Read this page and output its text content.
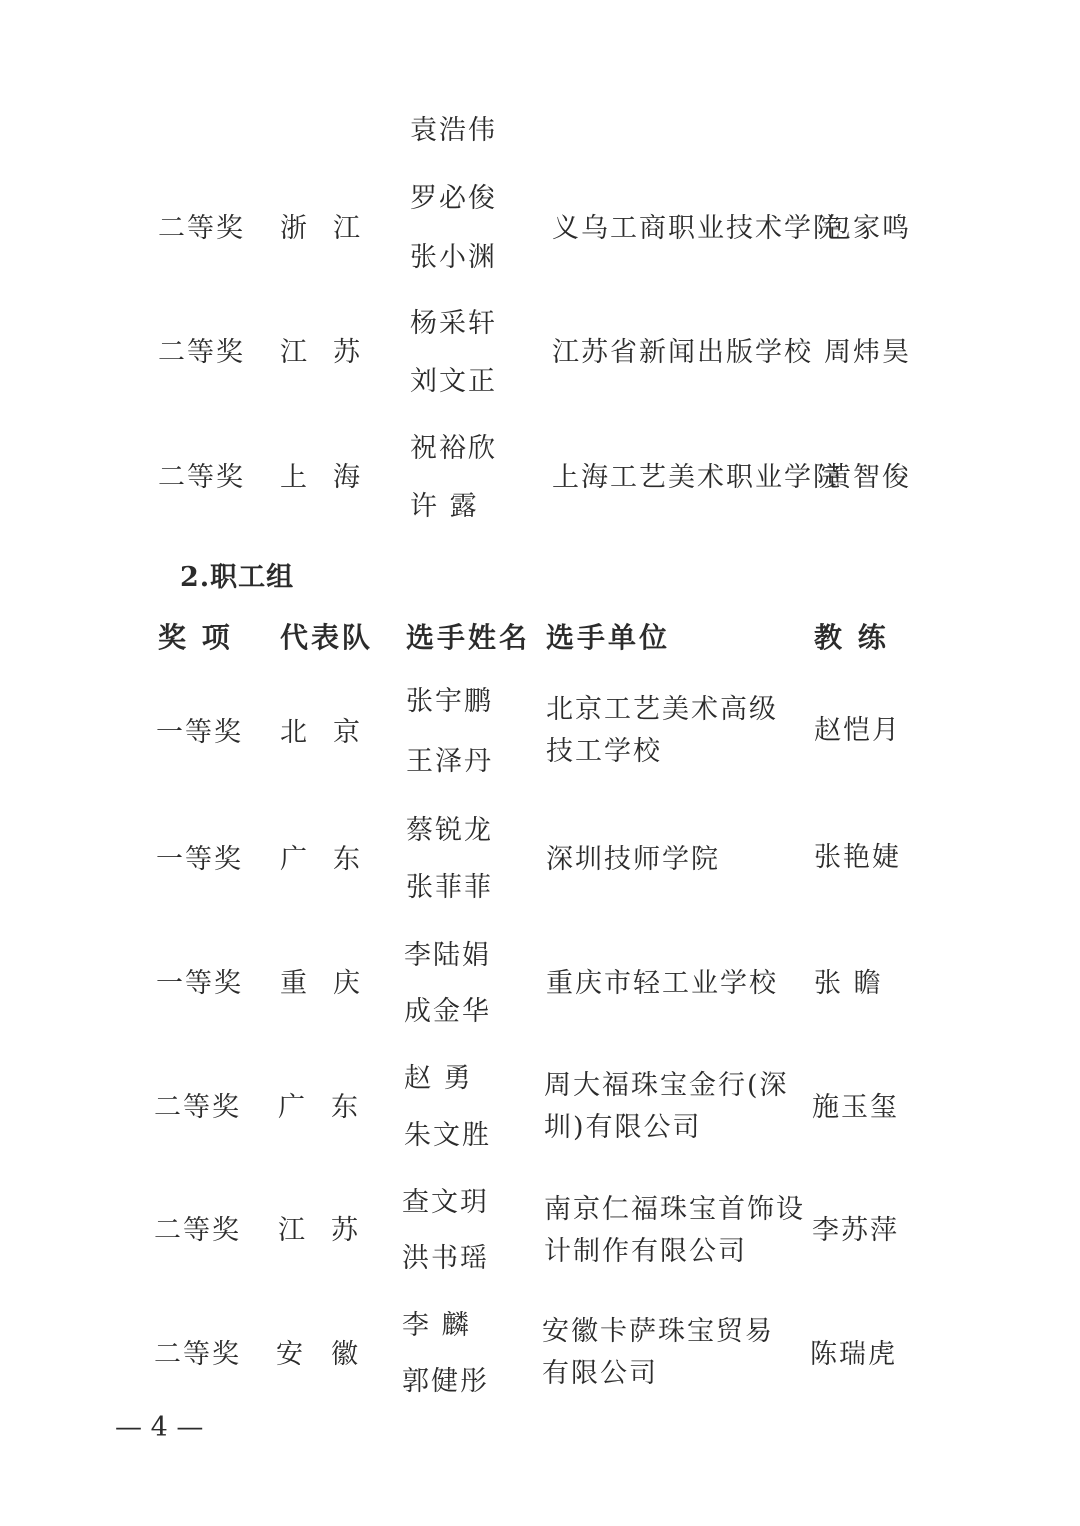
袁浩伟
二等奖 浙 江
罗必俊
张小渊
义乌工商职业技术学院
包家鸣
二等奖 江 苏
杨采轩
刘文正
江苏省新闻出版学校 周炜昊
二等奖 上 海
祝裕欣
许 露
上海工艺美术职业学院
黄智俊
2.职工组
奖 项 代表队 选手姓名 选手单位	教 练
一等奖 北 京
张宇鹏
王泽丹
北京工艺美术高级
技工学校
赵恺月
一等奖 广 东
蔡锐龙
张菲菲
深圳技师学院	张艳婕
一等奖 重 庆
李陆娟
成金华
重庆市轻工业学校 张 瞻
二等奖 广 东
赵 勇
朱文胜
周大福珠宝金行(深
圳)有限公司
施玉玺
二等奖 江 苏
查文玥
洪书瑶
南京仁福珠宝首饰设
计制作有限公司
李苏萍
二等奖 安 徽
李 麟
郭健彤
安徽卡萨珠宝贸易
有限公司
陈瑞虎
— 4 —
